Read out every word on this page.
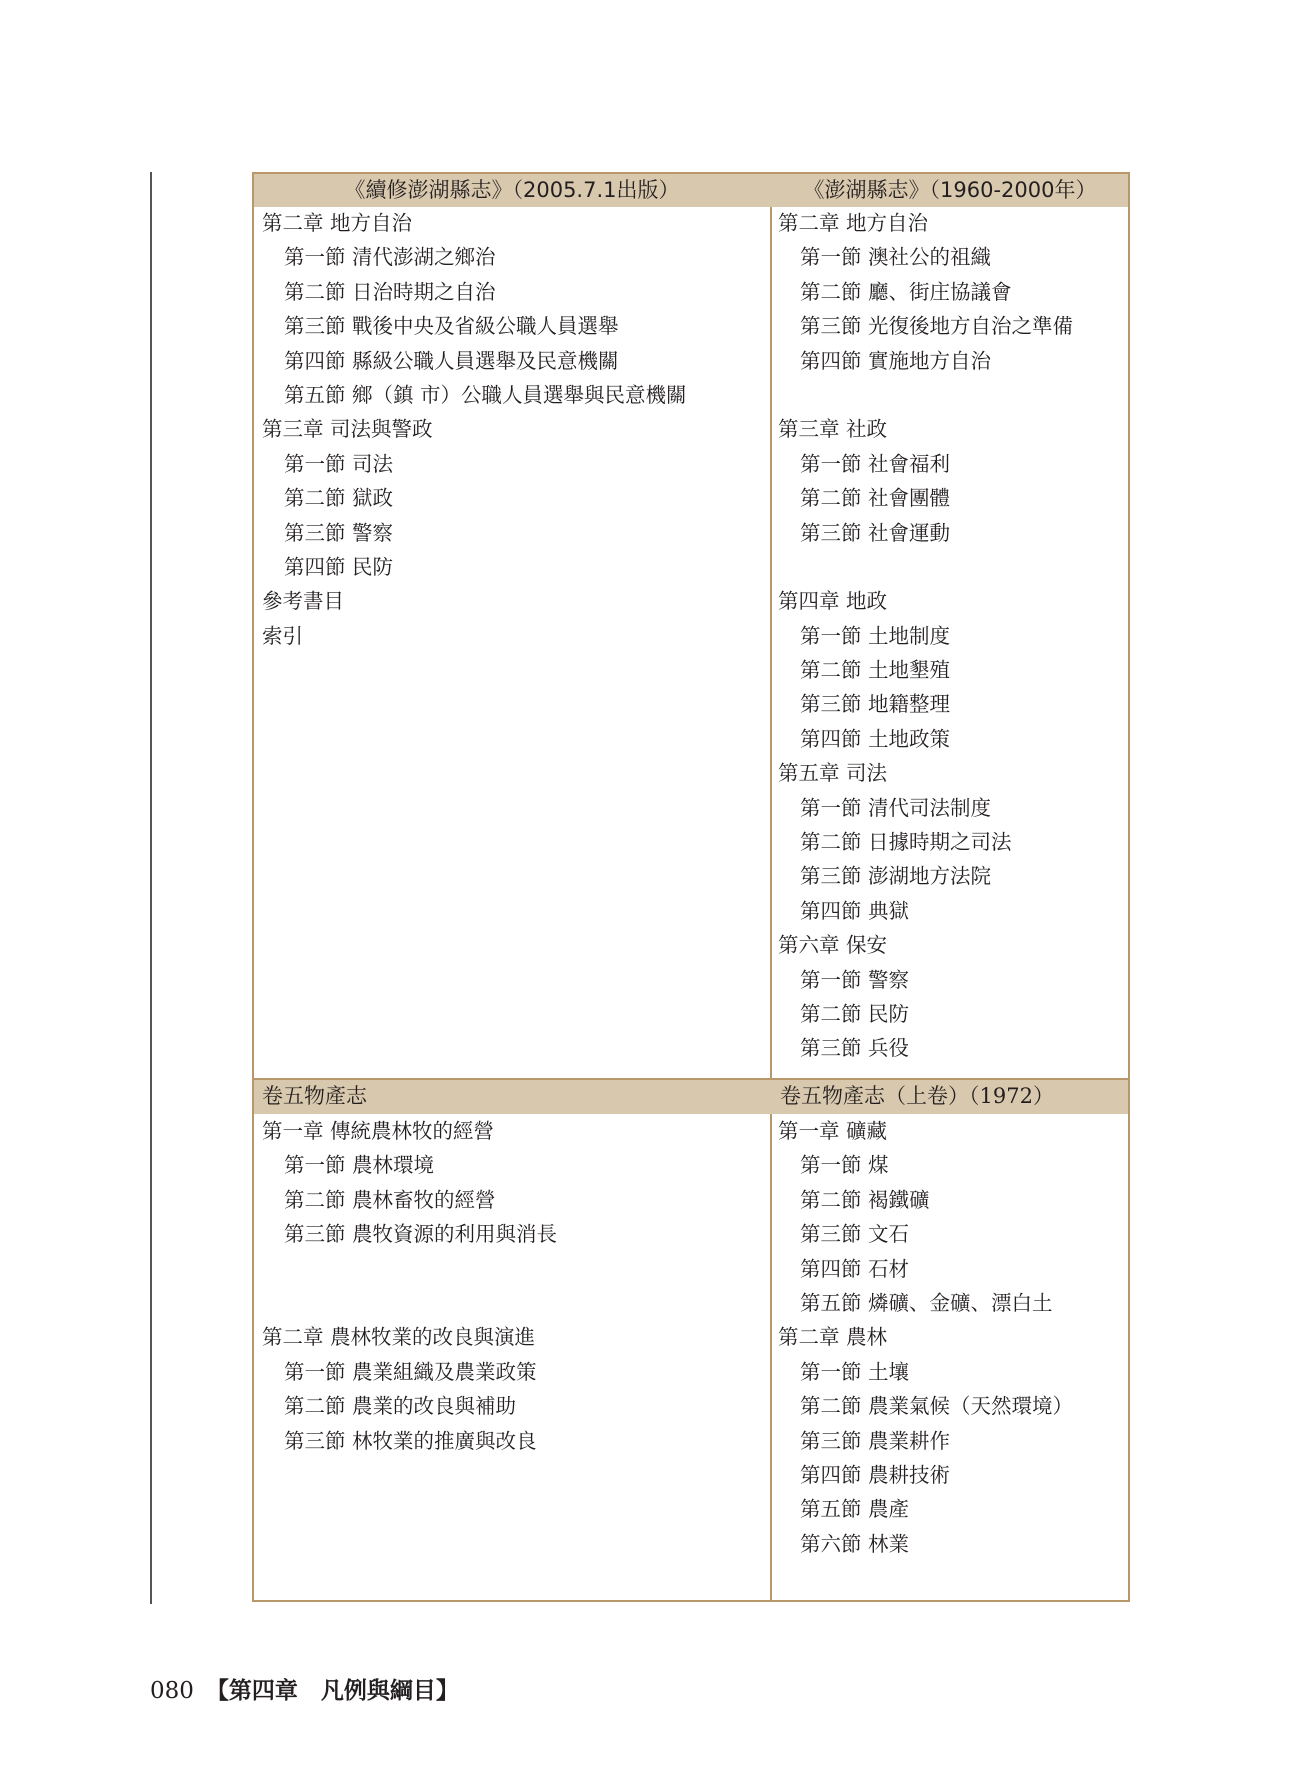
《續修澎湖縣志》（2005.7.1出版）	《澎湖縣志》（1960-2000年）
第二章 地方自治
第一節 清代澎湖之鄉治
第二節 日治時期之自治
第三節 戰後中央及省級公職人員選舉
第四節 縣級公職人員選舉及民意機關
第五節 鄉（鎮 市）公職人員選舉與民意機關
第三章 司法與警政
第一節 司法
第二節 獄政
第三節 警察
第四節 民防
參考書目
索引
第二章 地方自治
第一節 澳社公的祖織
第二節 廳、街庄協議會
第三節 光復後地方自治之準備
第四節 實施地方自治
第三章 社政
第一節 社會福利
第二節 社會團體
第三節 社會運動
第四章 地政
第一節 土地制度
第二節 土地墾殖
第三節 地籍整理
第四節 土地政策
第五章 司法
第一節 清代司法制度
第二節 日據時期之司法
第三節 澎湖地方法院
第四節 典獄
第六章 保安
第一節 警察
第二節 民防
第三節 兵役
卷五物產志	卷五物產志（上卷）（1972）
第一章 傳統農林牧的經營
第一節 農林環境
第二節 農林畜牧的經營
第三節 農牧資源的利用與消長
第二章 農林牧業的改良與演進
第一節 農業組織及農業政策
第二節 農業的改良與補助
第三節 林牧業的推廣與改良
第一章 礦藏
第一節 煤
第二節 褐鐵礦
第三節 文石
第四節 石材
第五節 燐礦、金礦、漂白土
第二章 農林
第一節 土壤
第二節 農業氣候（天然環境）
第三節 農業耕作
第四節 農耕技術
第五節 農產
第六節 林業
080 【第四章　凡例與綱目】
